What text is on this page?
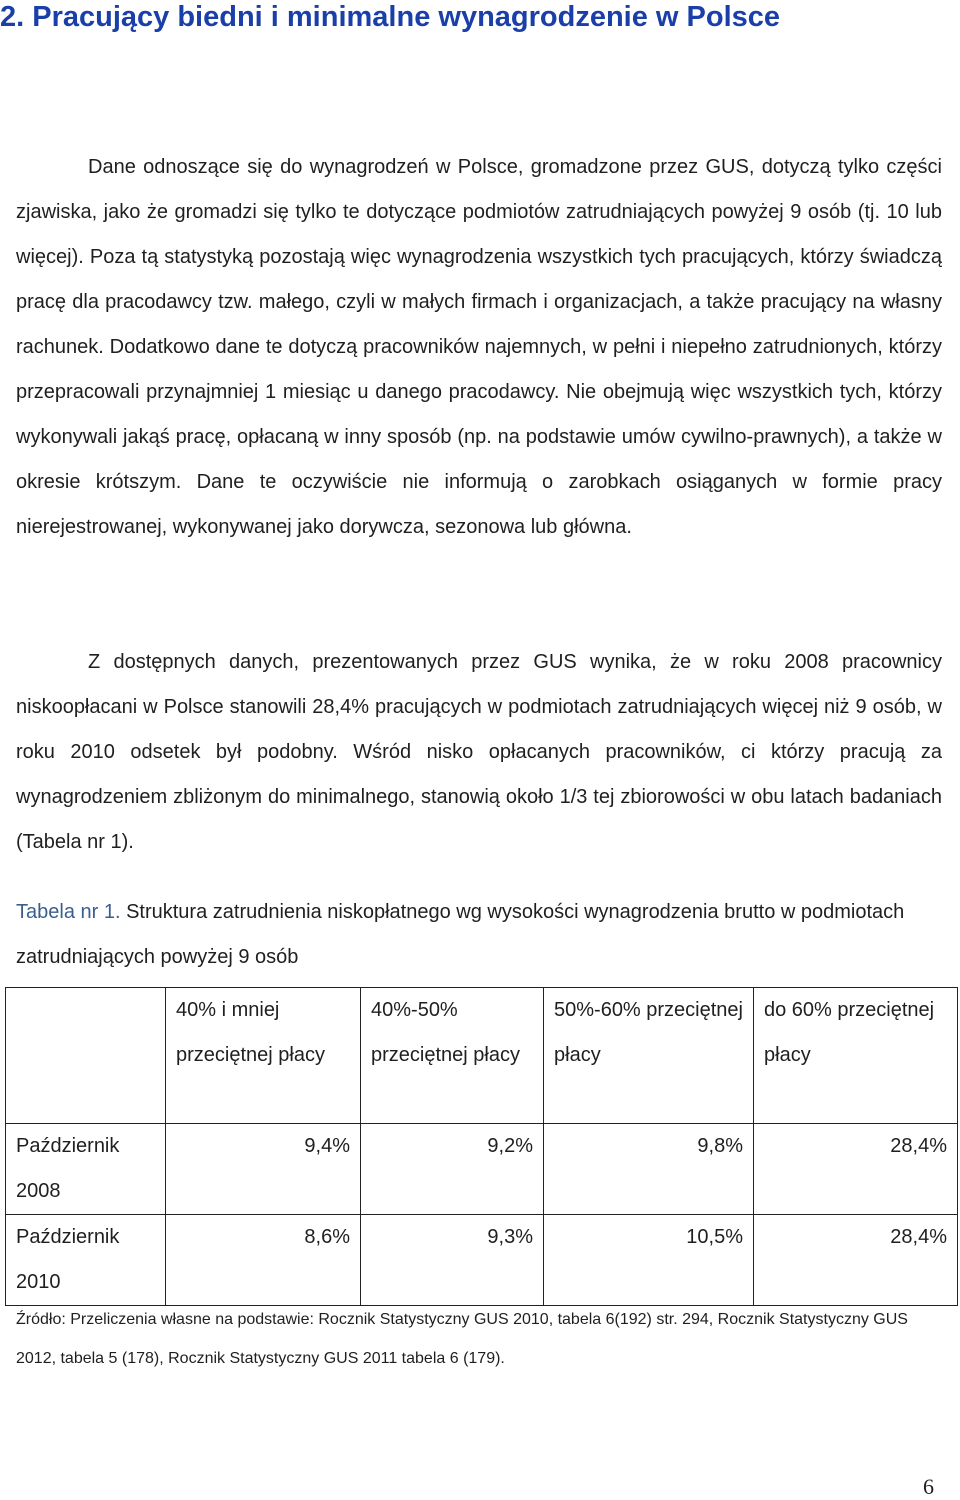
2. Pracujący biedni i minimalne wynagrodzenie w Polsce

Dane odnoszące się do wynagrodzeń w Polsce, gromadzone przez GUS, dotyczą tylko części zjawiska, jako że gromadzi się tylko te dotyczące podmiotów zatrudniających powyżej 9 osób (tj. 10 lub więcej). Poza tą statystyką pozostają więc wynagrodzenia wszystkich tych pracujących, którzy świadczą pracę dla pracodawcy tzw. małego, czyli w małych firmach i organizacjach, a także pracujący na własny rachunek. Dodatkowo dane te dotyczą pracowników najemnych, w pełni i niepełno zatrudnionych, którzy przepracowali przynajmniej 1 miesiąc u danego pracodawcy. Nie obejmują więc wszystkich tych, którzy wykonywali jakąś pracę, opłacaną w inny sposób (np. na podstawie umów cywilno-prawnych), a także w okresie krótszym. Dane te oczywiście nie informują o zarobkach osiąganych w formie pracy nierejestrowanej, wykonywanej jako dorywcza, sezonowa lub główna.

Z dostępnych danych, prezentowanych przez GUS wynika, że w roku 2008 pracownicy niskoopłacani w Polsce stanowili 28,4% pracujących w podmiotach zatrudniających więcej niż 9 osób, w roku 2010 odsetek był podobny. Wśród nisko opłacanych pracowników, ci którzy pracują za wynagrodzeniem zbliżonym do minimalnego, stanowią około 1/3 tej zbiorowości w obu latach badaniach (Tabela nr 1).

Tabela nr 1. Struktura zatrudnienia niskopłatnego wg wysokości wynagrodzenia brutto w podmiotach zatrudniających powyżej 9 osób

	40% i mniej przeciętnej płacy	40%-50% przeciętnej płacy	50%-60% przeciętnej płacy	do 60% przeciętnej płacy
Październik 2008	9,4%	9,2%	9,8%	28,4%
Październik 2010	8,6%	9,3%	10,5%	28,4%

Źródło: Przeliczenia własne na podstawie: Rocznik Statystyczny GUS 2010, tabela 6(192) str. 294, Rocznik Statystyczny GUS 2012, tabela 5 (178), Rocznik Statystyczny GUS 2011 tabela 6 (179).

6
